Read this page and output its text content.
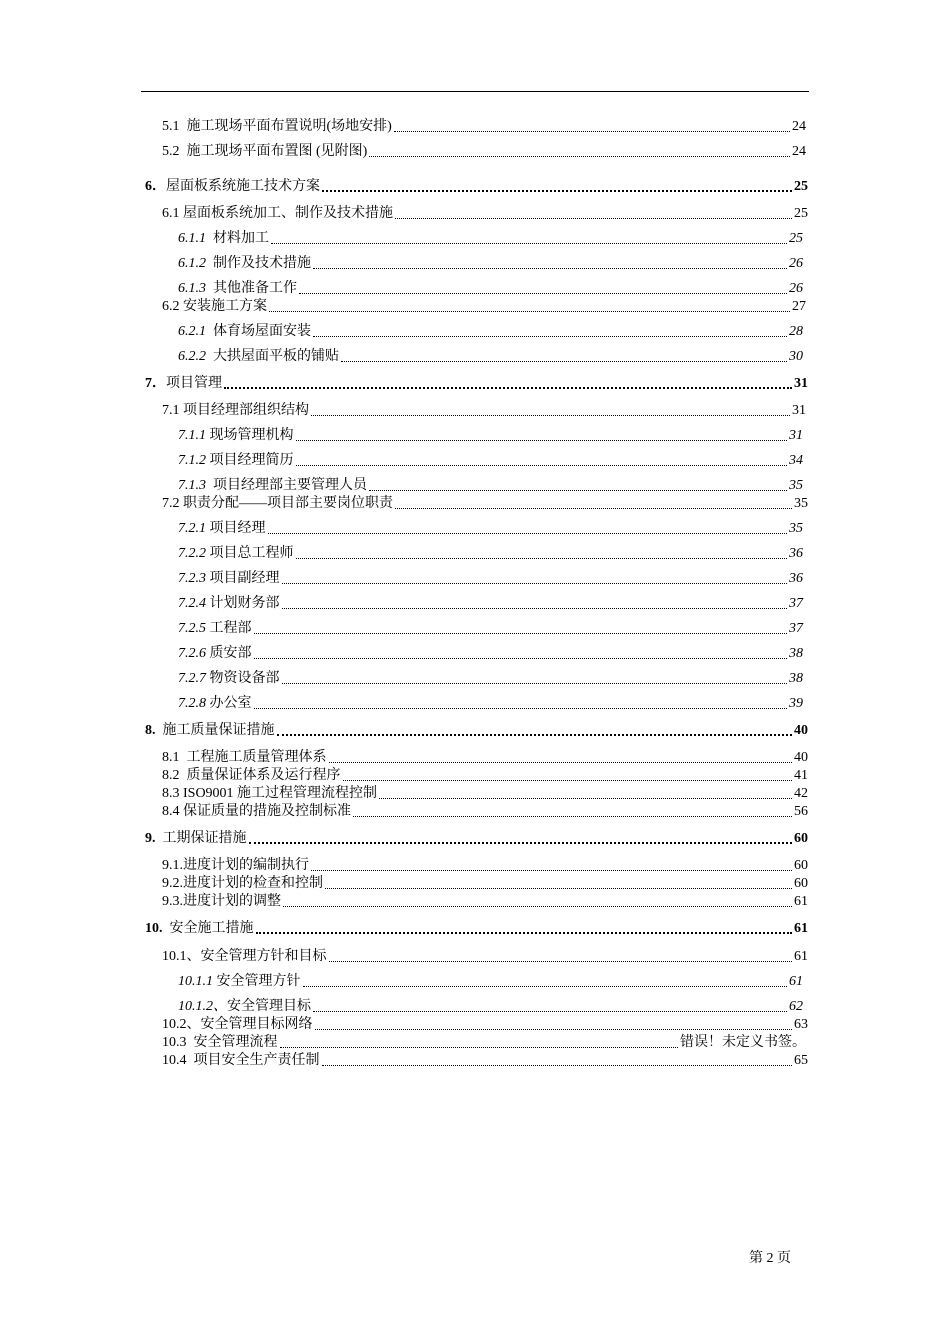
5.1  施工现场平面布置说明(场地安排)	24
5.2  施工现场平面布置图 (见附图)	24
6．屋面板系统施工技术方案	25
6.1 屋面板系统加工、制作及技术措施	25
6.1.1  材料加工	25
6.1.2  制作及技术措施	26
6.1.3  其他准备工作	26
6.2 安装施工方案	27
6.2.1  体育场屋面安装	28
6.2.2  大拱屋面平板的铺贴	30
7．项目管理	31
7.1 项目经理部组织结构	31
7.1.1 现场管理机构	31
7.1.2 项目经理简历	34
7.1.3  项目经理部主要管理人员	35
7.2 职责分配——项目部主要岗位职责	35
7.2.1 项目经理	35
7.2.2 项目总工程师	36
7.2.3 项目副经理	36
7.2.4 计划财务部	37
7.2.5 工程部	37
7.2.6 质安部	38
7.2.7 物资设备部	38
7.2.8 办公室	39
8.  施工质量保证措施	40
8.1  工程施工质量管理体系	40
8.2  质量保证体系及运行程序	41
8.3 ISO9001 施工过程管理流程控制	42
8.4 保证质量的措施及控制标准	56
9.  工期保证措施	60
9.1.进度计划的编制执行	60
9.2.进度计划的检查和控制	60
9.3.进度计划的调整	61
10.  安全施工措施	61
10.1、安全管理方针和目标	61
10.1.1 安全管理方针	61
10.1.2、安全管理目标	62
10.2、安全管理目标网络	63
10.3  安全管理流程	错误！未定义书签。
10.4  项目安全生产责任制	65
第 2 页
